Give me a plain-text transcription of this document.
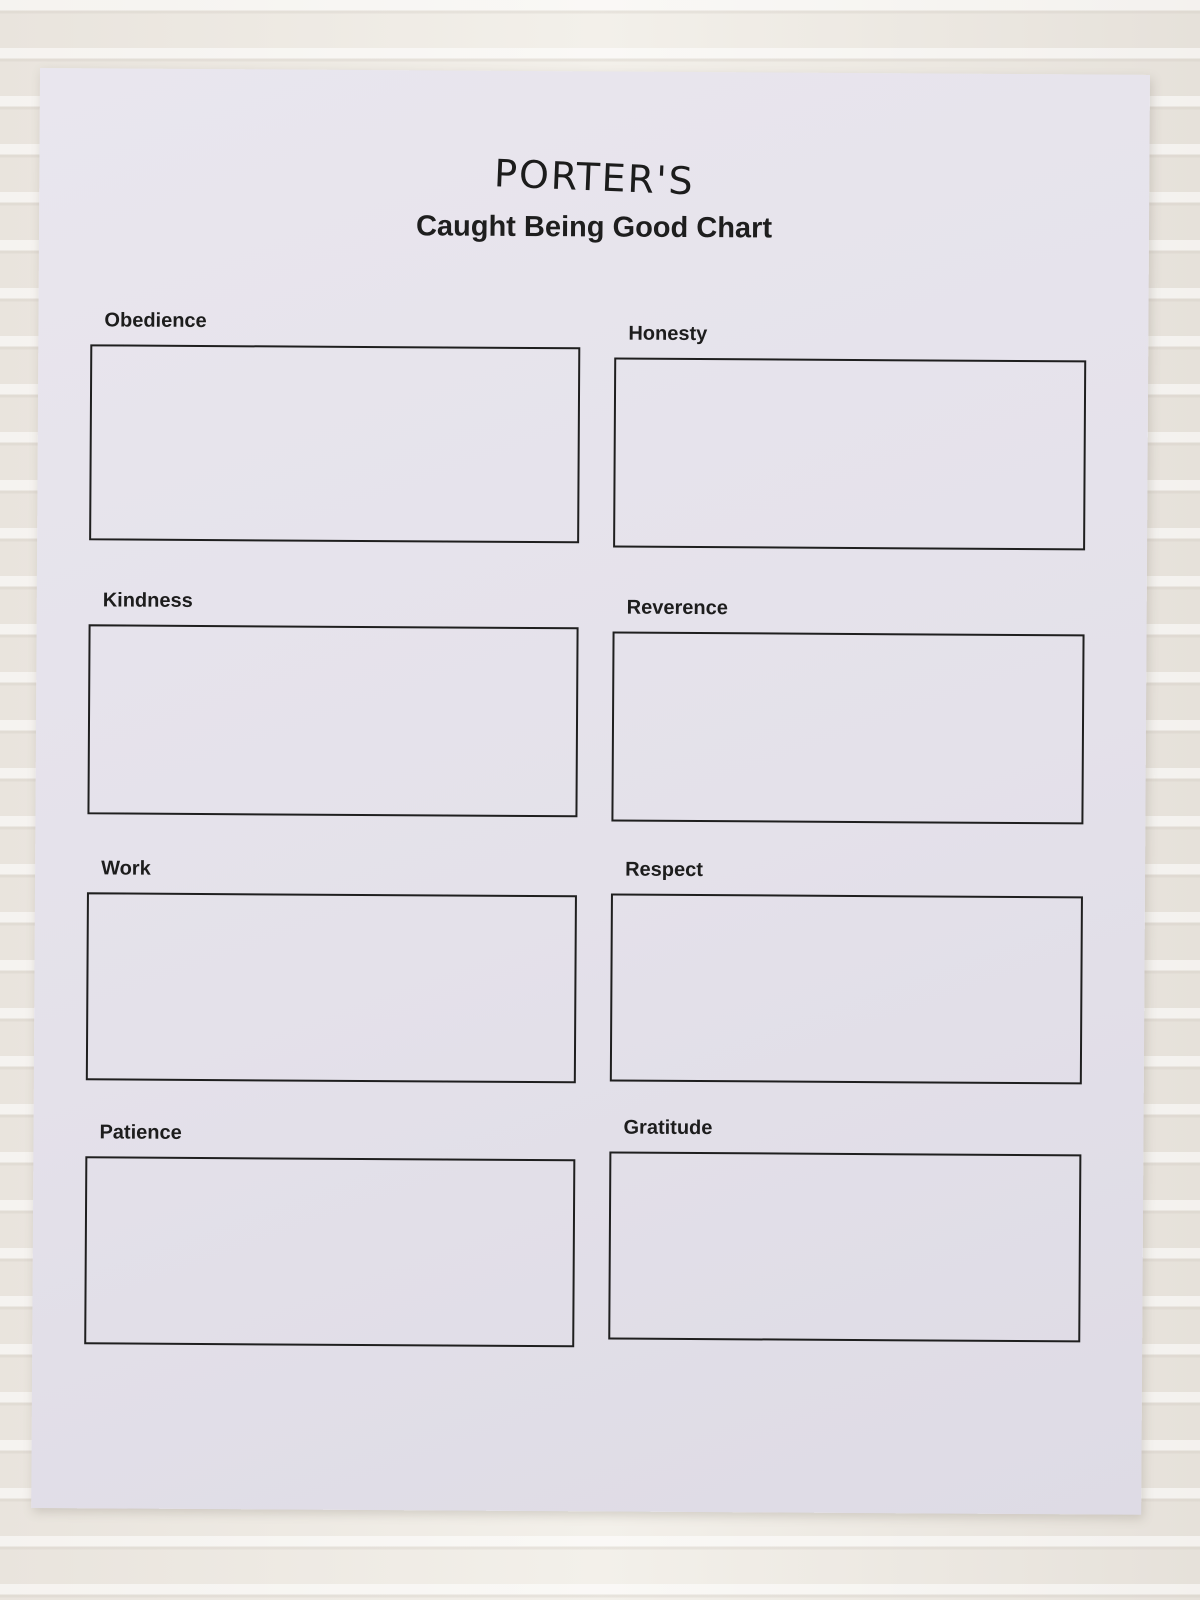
PORTER'S
Caught Being Good Chart
Obedience
Honesty
Kindness	Reverence
Work	Respect
Patience	Gratitude
